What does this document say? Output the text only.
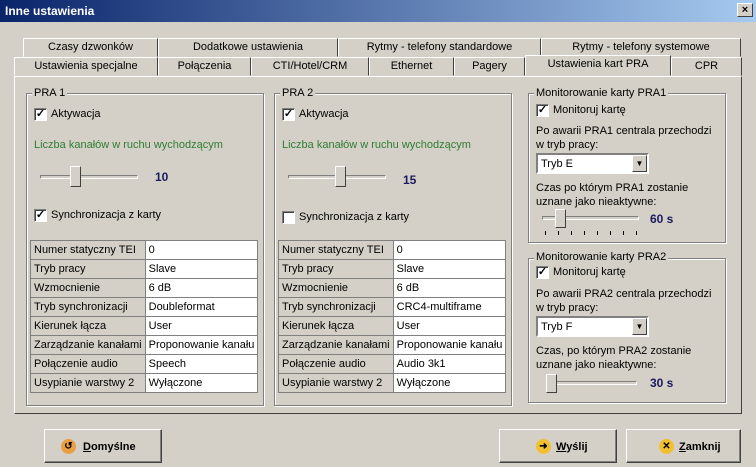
Inne ustawienia	×
Czasy dzwonków	Dodatkowe ustawienia	Rytmy - telefony standardowe	Rytmy - telefony systemowe
Ustawienia specjalne	Połączenia	CTI/Hotel/CRM	Ethernet	Pagery	Ustawienia kart PRA	CPR
PRA 1
✓ Aktywacja
Liczba kanałów w ruchu wychodzącym
10
✓ Synchronizacja z karty
Numer statyczny TEI	0
Tryb pracy	Slave
Wzmocnienie	6 dB
Tryb synchronizacji	Doubleformat
Kierunek łącza	User
Zarządzanie kanałami	Proponowanie kanału
Połączenie audio	Speech
Usypianie warstwy 2	Wyłączone
PRA 2
✓ Aktywacja
Liczba kanałów w ruchu wychodzącym
15
Synchronizacja z karty
Numer statyczny TEI	0
Tryb pracy	Slave
Wzmocnienie	6 dB
Tryb synchronizacji	CRC4-multiframe
Kierunek łącza	User
Zarządzanie kanałami	Proponowanie kanału
Połączenie audio	Audio 3k1
Usypianie warstwy 2	Wyłączone
Monitorowanie karty PRA1
✓ Monitoruj kartę
Po awarii PRA1 centrala przechodzi
w tryb pracy:
Tryb E	▼
Czas po którym PRA1 zostanie
uznane jako nieaktywne:
60 s
Monitorowanie karty PRA2
✓ Monitoruj kartę
Po awarii PRA2 centrala przechodzi
w tryb pracy:
Tryb F	▼
Czas, po którym PRA2 zostanie
uznane jako nieaktywne:
30 s
↺ Domyślne	➜ Wyślij	✕ Zamknij
